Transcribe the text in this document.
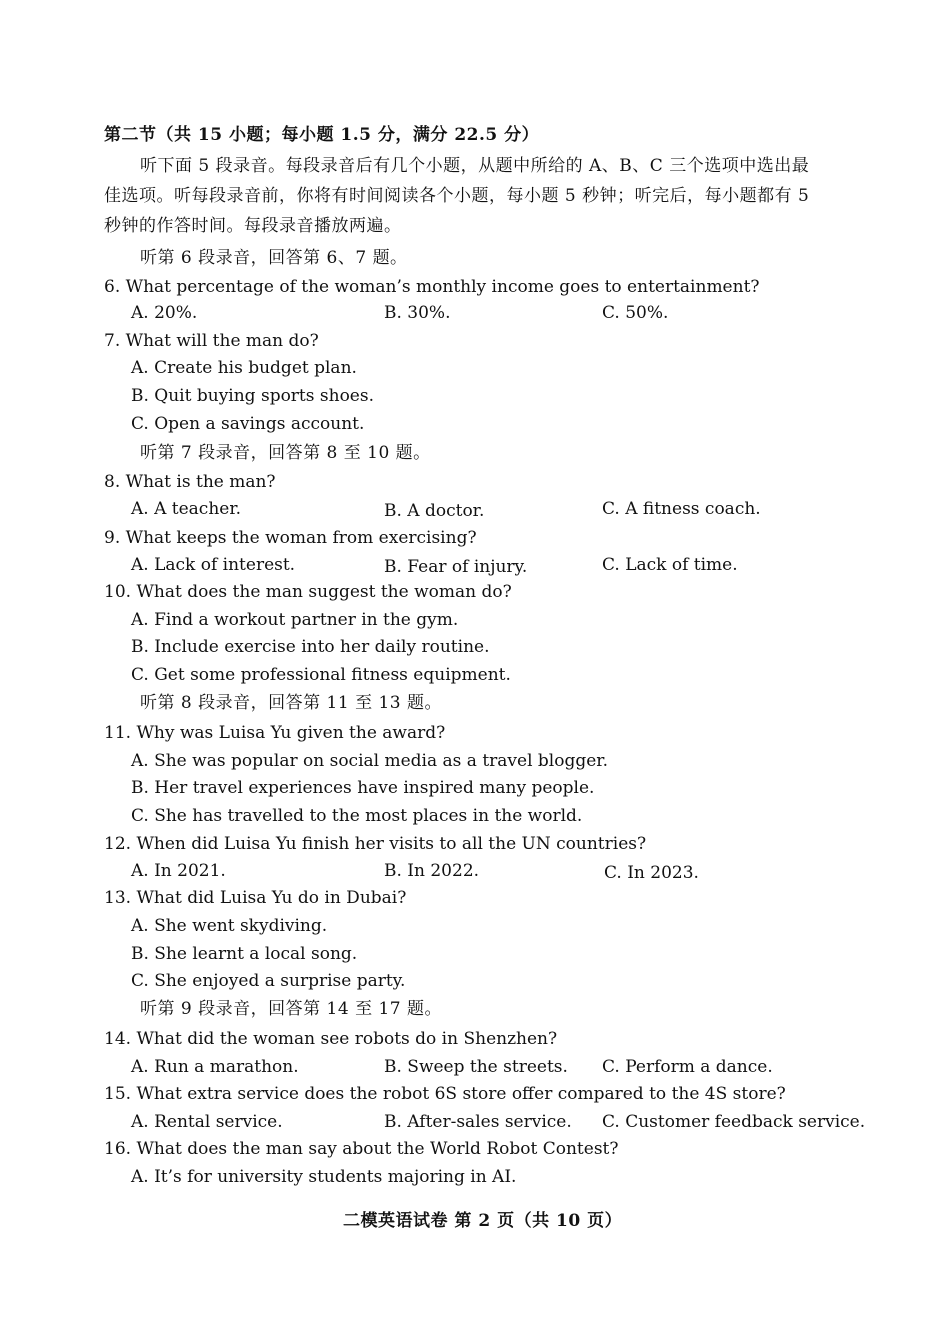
第二节（共 15 小题；每小题 1.5 分，满分 22.5 分）
听下面 5 段录音。每段录音后有几个小题，从题中所给的 A、B、C 三个选项中选出最
佳选项。听每段录音前，你将有时间阅读各个小题，每小题 5 秒钟；听完后，每小题都有 5
秒钟的作答时间。每段录音播放两遍。
听第 6 段录音，回答第 6、7 题。
6. What percentage of the woman’s monthly income goes to entertainment?
A. 20%.	B. 30%.	C. 50%.
7. What will the man do?
A. Create his budget plan.
B. Quit buying sports shoes.
C. Open a savings account.
听第 7 段录音，回答第 8 至 10 题。
8. What is the man?
A. A teacher.	B. A doctor.	C. A fitness coach.
9. What keeps the woman from exercising?
A. Lack of interest.	B. Fear of injury.	C. Lack of time.
10. What does the man suggest the woman do?
A. Find a workout partner in the gym.
B. Include exercise into her daily routine.
C. Get some professional fitness equipment.
听第 8 段录音，回答第 11 至 13 题。
11. Why was Luisa Yu given the award?
A. She was popular on social media as a travel blogger.
B. Her travel experiences have inspired many people.
C. She has travelled to the most places in the world.
12. When did Luisa Yu finish her visits to all the UN countries?
A. In 2021.	B. In 2022.	C. In 2023.
13. What did Luisa Yu do in Dubai?
A. She went skydiving.
B. She learnt a local song.
C. She enjoyed a surprise party.
听第 9 段录音，回答第 14 至 17 题。
14. What did the woman see robots do in Shenzhen?
A. Run a marathon.	B. Sweep the streets. C. Perform a dance.
15. What extra service does the robot 6S store offer compared to the 4S store?
A. Rental service.	B. After-sales service. C. Customer feedback service.
16. What does the man say about the World Robot Contest?
A. It’s for university students majoring in AI.
二模英语试卷 第 2 页（共 10 页）
